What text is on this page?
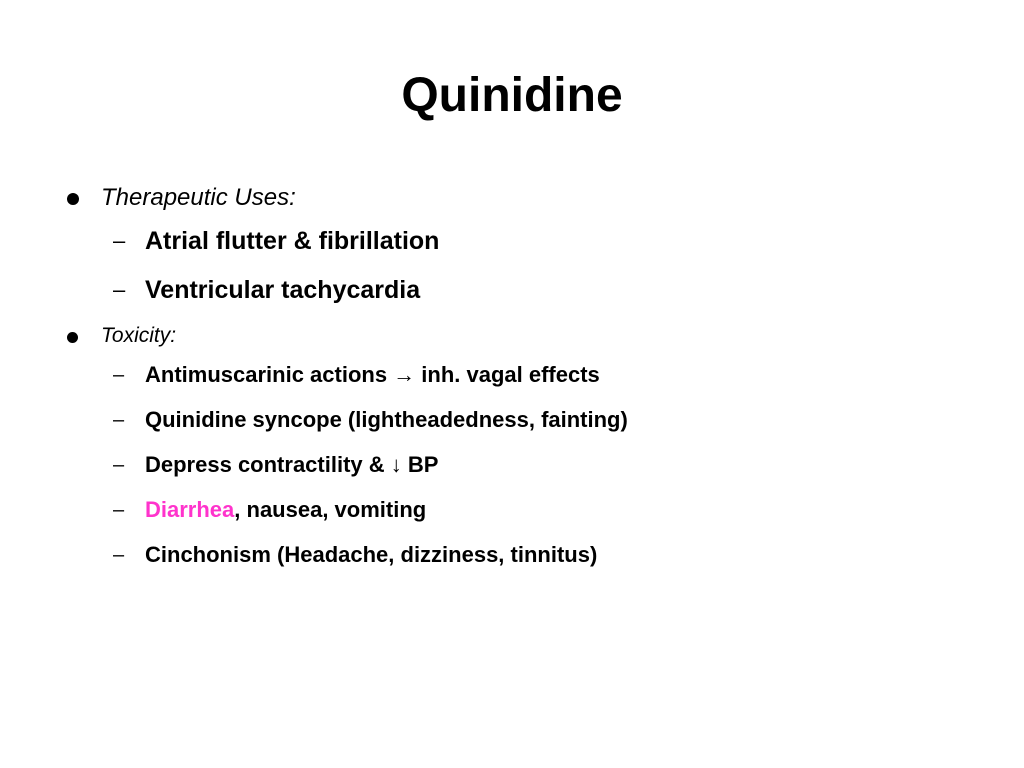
Quinidine
Therapeutic Uses:
– Atrial flutter & fibrillation
– Ventricular tachycardia
Toxicity:
– Antimuscarinic actions → inh. vagal effects
– Quinidine syncope (lightheadedness, fainting)
– Depress contractility & ↓ BP
– Diarrhea, nausea, vomiting
– Cinchonism (Headache, dizziness, tinnitus)
